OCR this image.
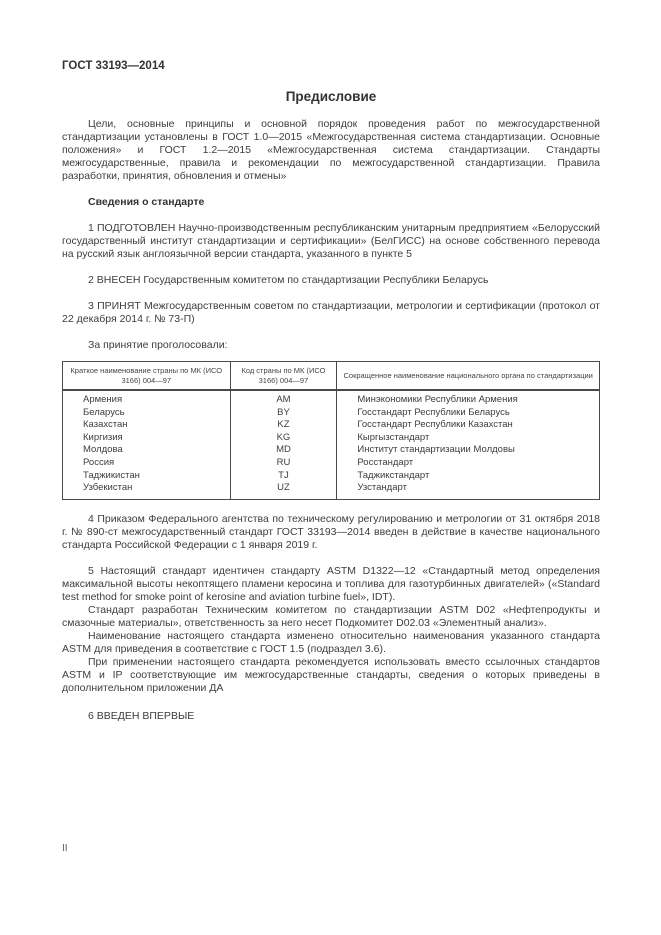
ГОСТ 33193—2014
Предисловие

Цели, основные принципы и основной порядок проведения работ по межгосударственной стандартизации установлены в ГОСТ 1.0—2015 «Межгосударственная система стандартизации. Основные положения» и ГОСТ 1.2—2015 «Межгосударственная система стандартизации. Стандарты межгосударственные, правила и рекомендации по межгосударственной стандартизации. Правила разработки, принятия, обновления и отмены»

Сведения о стандарте

1 ПОДГОТОВЛЕН Научно-производственным республиканским унитарным предприятием «Белорусский государственный институт стандартизации и сертификации» (БелГИСС) на основе собственного перевода на русский язык англоязычной версии стандарта, указанного в пункте 5

2 ВНЕСЕН Государственным комитетом по стандартизации Республики Беларусь

3 ПРИНЯТ Межгосударственным советом по стандартизации, метрологии и сертификации (протокол от 22 декабря 2014 г. № 73-П)

За принятие проголосовали:

Краткое наименование страны по МК (ИСО 3166) 004—97	Код страны по МК (ИСО 3166) 004—97	Сокращенное наименование национального органа по стандартизации
Армения	AM	Минэкономики Республики Армения
Беларусь	BY	Госстандарт Республики Беларусь
Казахстан	KZ	Госстандарт Республики Казахстан
Киргизия	KG	Кыргызстандарт
Молдова	MD	Институт стандартизации Молдовы
Россия	RU	Росстандарт
Таджикистан	TJ	Таджикстандарт
Узбекистан	UZ	Узстандарт

4 Приказом Федерального агентства по техническому регулированию и метрологии от 31 октября 2018 г. № 890-ст межгосударственный стандарт ГОСТ 33193—2014 введен в действие в качестве национального стандарта Российской Федерации с 1 января 2019 г.

5 Настоящий стандарт идентичен стандарту ASTM D1322—12 «Стандартный метод определения максимальной высоты некоптящего пламени керосина и топлива для газотурбинных двигателей» («Standard test method for smoke point of kerosine and aviation turbine fuel», IDT).

Стандарт разработан Техническим комитетом по стандартизации ASTM D02 «Нефтепродукты и смазочные материалы», ответственность за него несет Подкомитет D02.03 «Элементный анализ».

Наименование настоящего стандарта изменено относительно наименования указанного стандарта ASTM для приведения в соответствие с ГОСТ 1.5 (подраздел 3.6).

При применении настоящего стандарта рекомендуется использовать вместо ссылочных стандартов ASTM и IP соответствующие им межгосударственные стандарты, сведения о которых приведены в дополнительном приложении ДА

6 ВВЕДЕН ВПЕРВЫЕ

II
